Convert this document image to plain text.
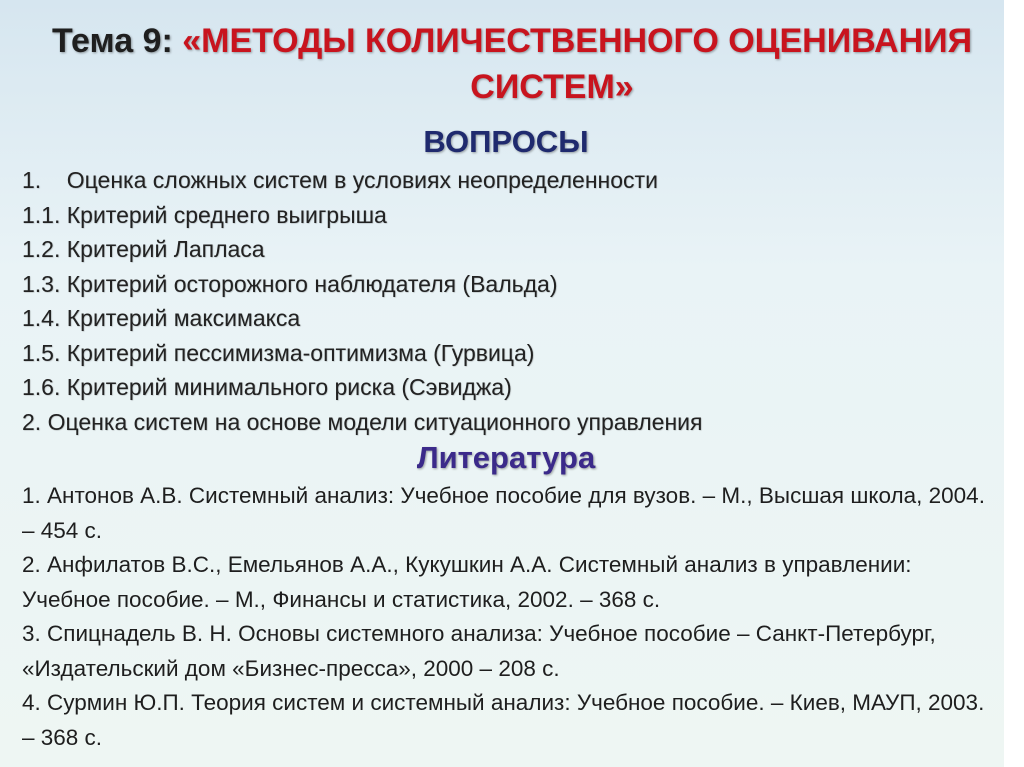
Тема 9: «МЕТОДЫ КОЛИЧЕСТВЕННОГО ОЦЕНИВАНИЯ
СИСТЕМ»
ВОПРОСЫ
1.    Оценка сложных систем в условиях неопределенности
1.1. Критерий среднего выигрыша
1.2. Критерий Лапласа
1.3. Критерий осторожного наблюдателя (Вальда)
1.4. Критерий максимакса
1.5. Критерий пессимизма-оптимизма (Гурвица)
1.6. Критерий минимального риска (Сэвиджа)
2. Оценка систем на основе модели ситуационного управления
Литература
1. Антонов А.В. Системный анализ: Учебное пособие для вузов. – М., Высшая школа, 2004. – 454 с.
2. Анфилатов В.С., Емельянов А.А., Кукушкин А.А. Системный анализ в управлении: Учебное пособие. – М., Финансы и статистика, 2002. – 368 с.
3. Спицнадель В. Н. Основы системного анализа: Учебное пособие – Санкт-Петербург, «Издательский дом «Бизнес-пресса», 2000 – 208 с.
4. Сурмин Ю.П. Теория систем и системный анализ: Учебное пособие. – Киев, МАУП, 2003. – 368 с.
